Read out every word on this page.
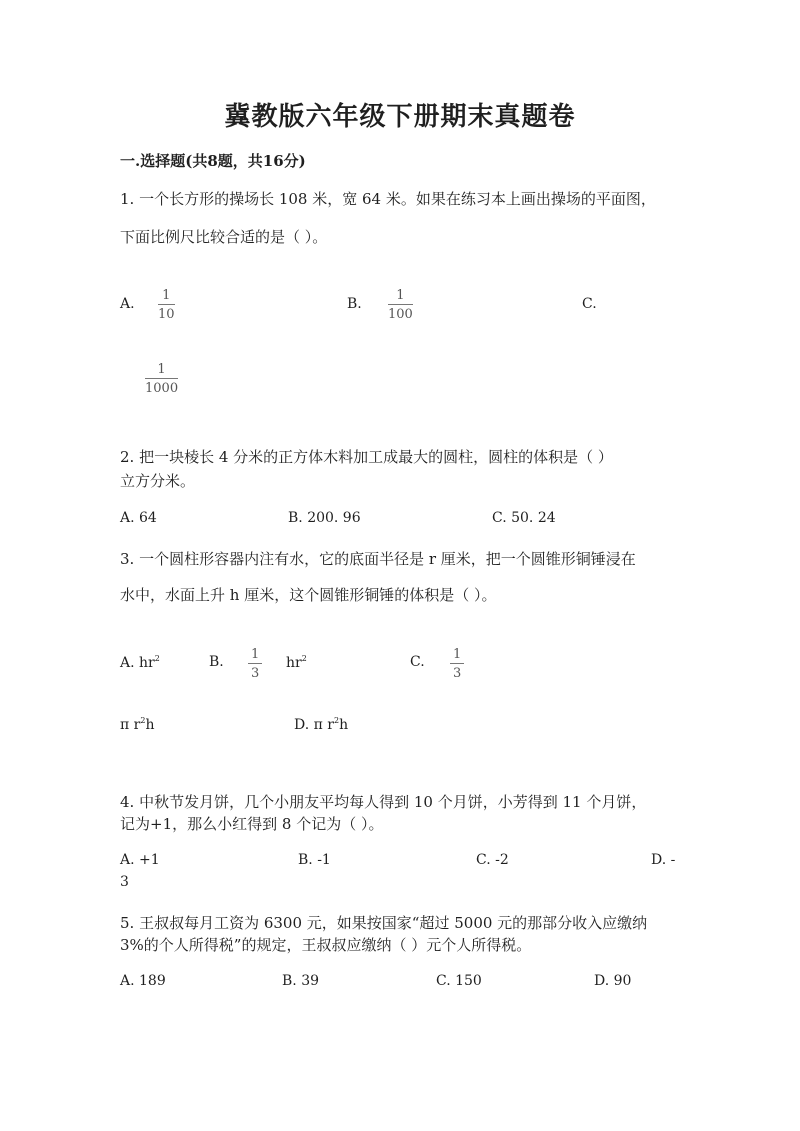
冀教版六年级下册期末真题卷
一.选择题(共8题，共16分)
1. 一个长方形的操场长 108 米，宽 64 米。如果在练习本上画出操场的平面图，
下面比例尺比较合适的是（ ）。
A.
1
10
B.
1
100
C.
1
1000
2. 把一块棱长 4 分米的正方体木料加工成最大的圆柱，圆柱的体积是（ ）
立方分米。
A. 64	B. 200. 96	C. 50. 24
3. 一个圆柱形容器内注有水，它的底面半径是 r 厘米，把一个圆锥形铜锤浸在
水中，水面上升 h 厘米，这个圆锥形铜锤的体积是（ ）。
A. $hr^2$	B. 1
3
$hr^2$	C. 1
3
π $r^2h$	D. π $r^2h$
4. 中秋节发月饼，几个小朋友平均每人得到 10 个月饼，小芳得到 11 个月饼，
记为+1，那么小红得到 8 个记为（ ）。
A. +1	B. -1	C. -2	D. -
3
5. 王叔叔每月工资为 6300 元，如果按国家“超过 5000 元的那部分收入应缴纳
3%的个人所得税”的规定，王叔叔应缴纳（ ）元个人所得税。
A. 189	B. 39	C. 150	D. 90
